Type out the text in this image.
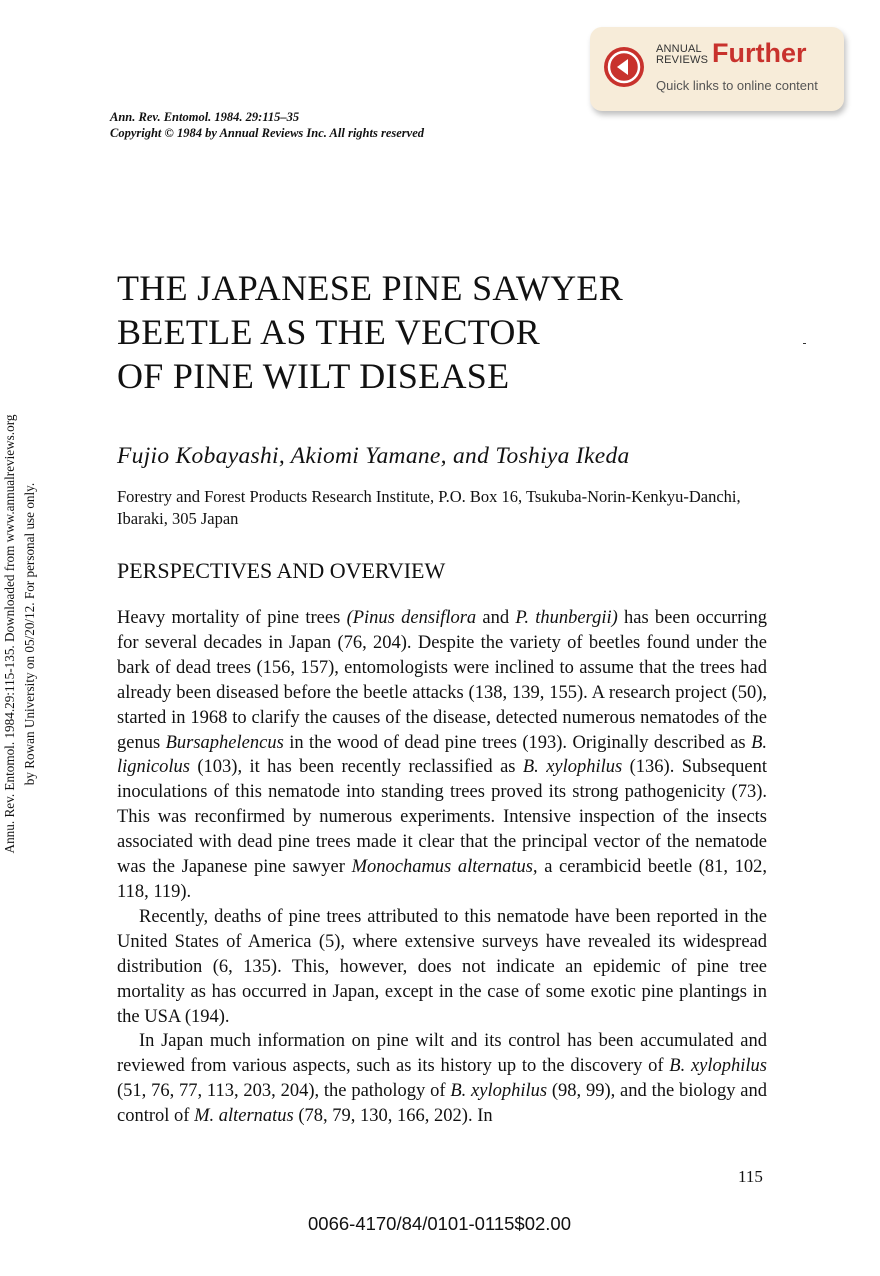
ANNUAL
REVIEWS Further
Quick links to online content
Ann. Rev. Entomol. 1984. 29:115–35
Copyright © 1984 by Annual Reviews Inc. All rights reserved
Annu. Rev. Entomol. 1984.29:115-135. Downloaded from www.annualreviews.org by Rowan University on 05/20/12. For personal use only.
THE JAPANESE PINE SAWYER
BEETLE AS THE VECTOR
OF PINE WILT DISEASE
Fujio Kobayashi, Akiomi Yamane, and Toshiya Ikeda
Forestry and Forest Products Research Institute, P.O. Box 16, Tsukuba-Norin-Kenkyu-Danchi, Ibaraki, 305 Japan
PERSPECTIVES AND OVERVIEW

Heavy mortality of pine trees (Pinus densiflora and P. thunbergii) has been occurring for several decades in Japan (76, 204). Despite the variety of beetles found under the bark of dead trees (156, 157), entomologists were inclined to assume that the trees had already been diseased before the beetle attacks (138, 139, 155). A research project (50), started in 1968 to clarify the causes of the disease, detected numerous nematodes of the genus Bursaphelencus in the wood of dead pine trees (193). Originally described as B. lignicolus (103), it has been recently reclassified as B. xylophilus (136). Subsequent inoculations of this nematode into standing trees proved its strong pathogenicity (73). This was reconfirmed by numerous experiments. Intensive inspection of the insects associated with dead pine trees made it clear that the principal vector of the nematode was the Japanese pine sawyer Monochamus alternatus, a cerambicid beetle (81, 102, 118, 119).

Recently, deaths of pine trees attributed to this nematode have been reported in the United States of America (5), where extensive surveys have revealed its widespread distribution (6, 135). This, however, does not indicate an epidemic of pine tree mortality as has occurred in Japan, except in the case of some exotic pine plantings in the USA (194).

In Japan much information on pine wilt and its control has been accumulated and reviewed from various aspects, such as its history up to the discovery of B. xylophilus (51, 76, 77, 113, 203, 204), the pathology of B. xylophilus (98, 99), and the biology and control of M. alternatus (78, 79, 130, 166, 202). In

115
0066-4170/84/0101-0115$02.00
